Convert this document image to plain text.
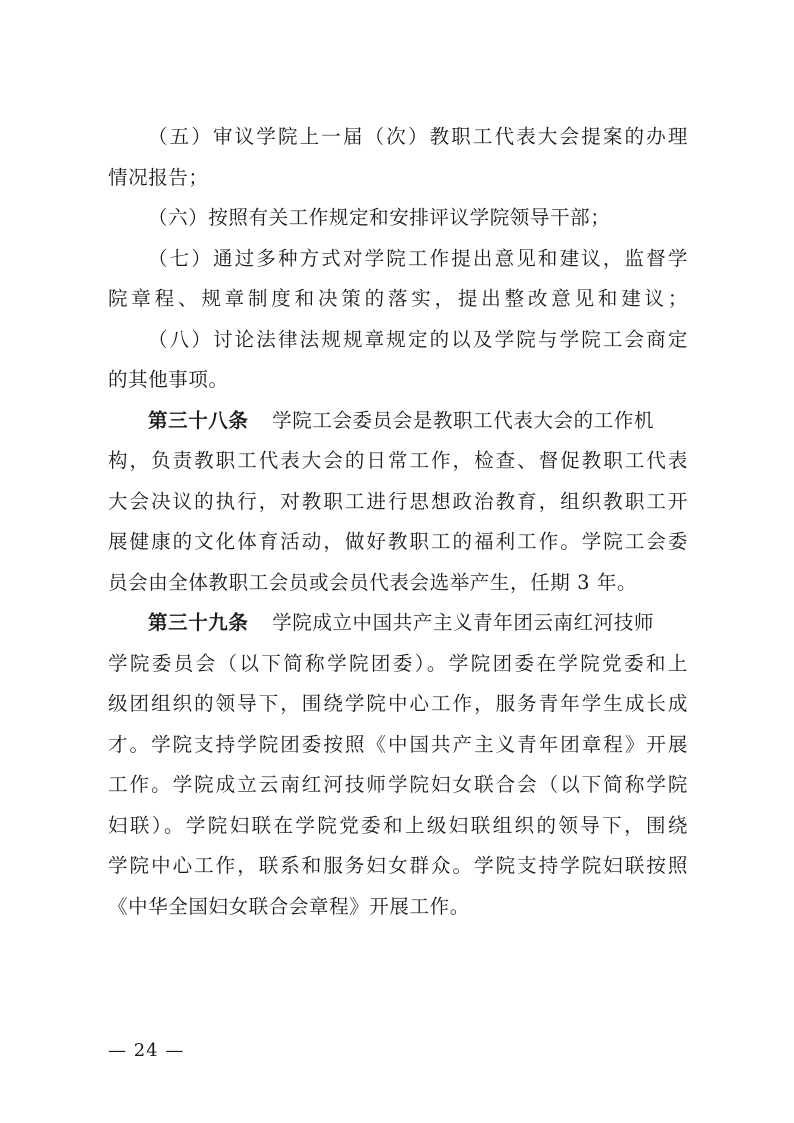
（五）审议学院上一届（次）教职工代表大会提案的办理
情况报告；
（六）按照有关工作规定和安排评议学院领导干部；
（七）通过多种方式对学院工作提出意见和建议，监督学
院章程、规章制度和决策的落实，提出整改意见和建议；
（八）讨论法律法规规章规定的以及学院与学院工会商定
的其他事项。
第三十八条 学院工会委员会是教职工代表大会的工作机
构，负责教职工代表大会的日常工作，检查、督促教职工代表
大会决议的执行，对教职工进行思想政治教育，组织教职工开
展健康的文化体育活动，做好教职工的福利工作。学院工会委
员会由全体教职工会员或会员代表会选举产生，任期 3 年。
第三十九条 学院成立中国共产主义青年团云南红河技师
学院委员会（以下简称学院团委）。学院团委在学院党委和上
级团组织的领导下，围绕学院中心工作，服务青年学生成长成
才。学院支持学院团委按照《中国共产主义青年团章程》开展
工作。学院成立云南红河技师学院妇女联合会（以下简称学院
妇联）。学院妇联在学院党委和上级妇联组织的领导下，围绕
学院中心工作，联系和服务妇女群众。学院支持学院妇联按照
《中华全国妇女联合会章程》开展工作。
— 24 —
